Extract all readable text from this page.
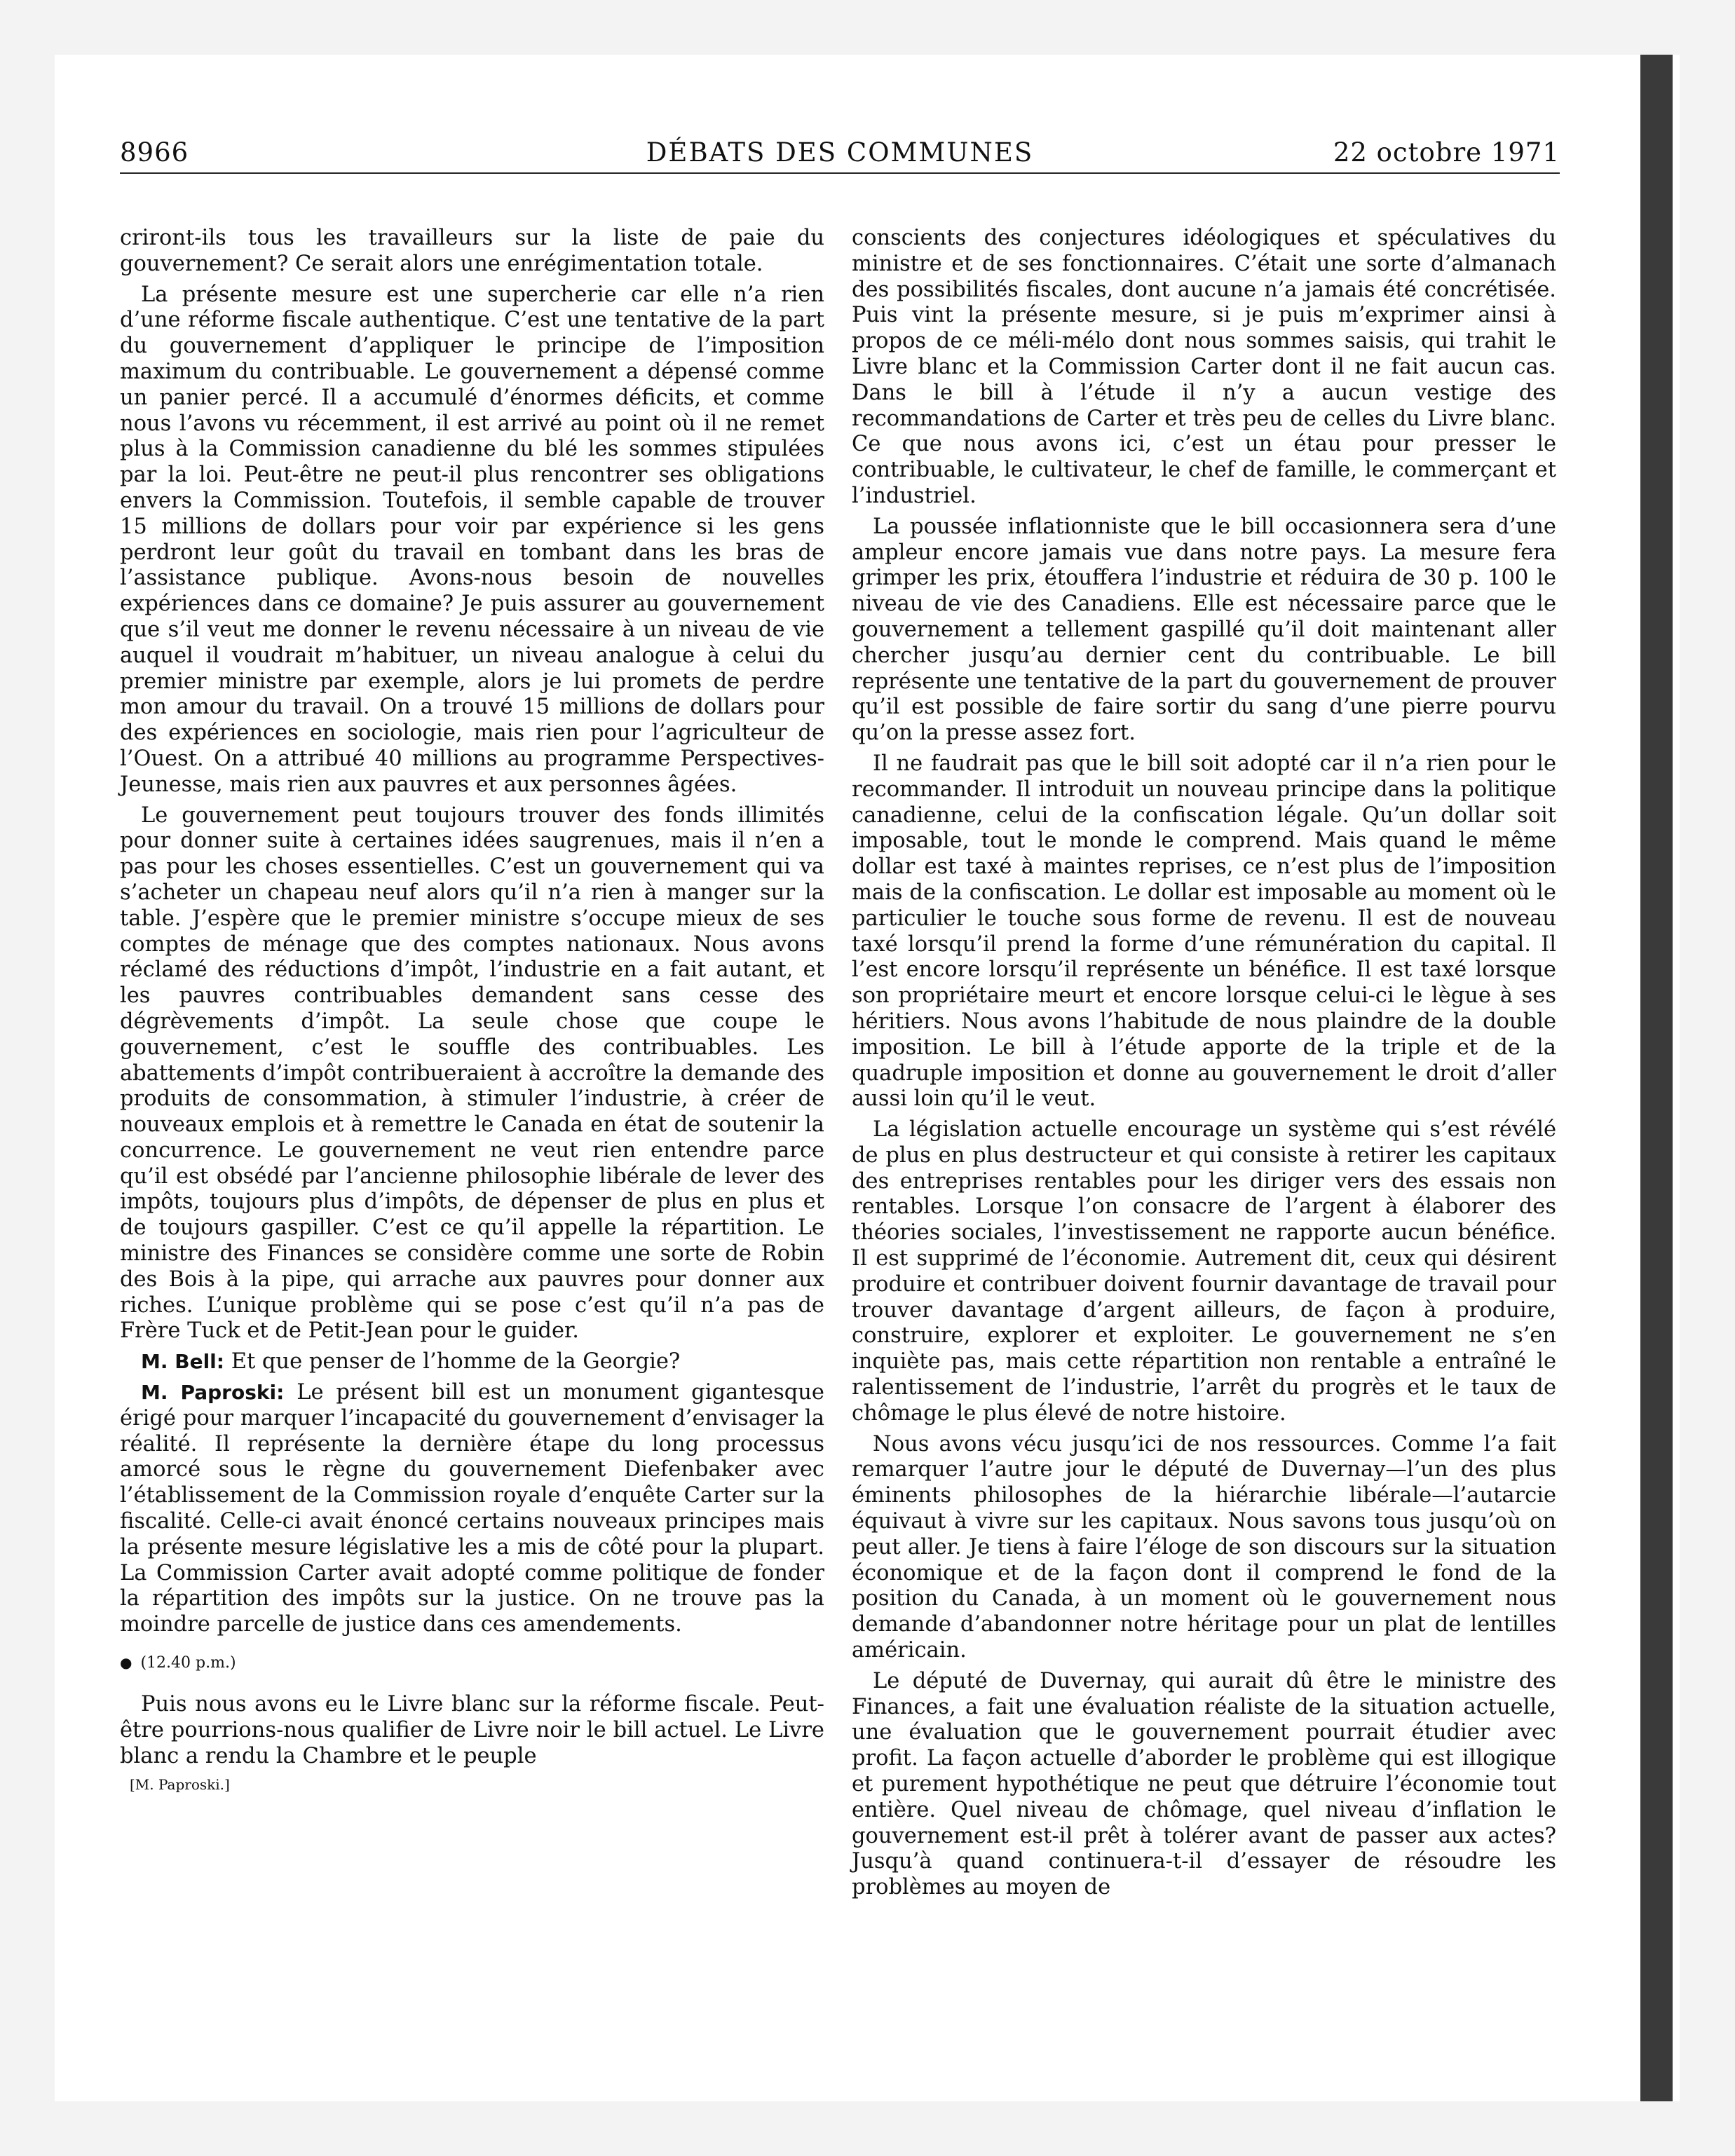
8966	DÉBATS DES COMMUNES	22 octobre 1971

criront-ils tous les travailleurs sur la liste de paie du gouvernement? Ce serait alors une enrégimentation totale.

La présente mesure est une supercherie car elle n’a rien d’une réforme fiscale authentique. C’est une tentative de la part du gouvernement d’appliquer le principe de l’imposition maximum du contribuable. Le gouvernement a dépensé comme un panier percé. Il a accumulé d’énormes déficits, et comme nous l’avons vu récemment, il est arrivé au point où il ne remet plus à la Commission canadienne du blé les sommes stipulées par la loi. Peut-être ne peut-il plus rencontrer ses obligations envers la Commission. Toutefois, il semble capable de trouver 15 millions de dollars pour voir par expérience si les gens perdront leur goût du travail en tombant dans les bras de l’assistance publique. Avons-nous besoin de nouvelles expériences dans ce domaine? Je puis assurer au gouvernement que s’il veut me donner le revenu nécessaire à un niveau de vie auquel il voudrait m’habituer, un niveau analogue à celui du premier ministre par exemple, alors je lui promets de perdre mon amour du travail. On a trouvé 15 millions de dollars pour des expériences en sociologie, mais rien pour l’agriculteur de l’Ouest. On a attribué 40 millions au programme Perspectives-Jeunesse, mais rien aux pauvres et aux personnes âgées.

Le gouvernement peut toujours trouver des fonds illimités pour donner suite à certaines idées saugrenues, mais il n’en a pas pour les choses essentielles. C’est un gouvernement qui va s’acheter un chapeau neuf alors qu’il n’a rien à manger sur la table. J’espère que le premier ministre s’occupe mieux de ses comptes de ménage que des comptes nationaux. Nous avons réclamé des réductions d’impôt, l’industrie en a fait autant, et les pauvres contribuables demandent sans cesse des dégrèvements d’impôt. La seule chose que coupe le gouvernement, c’est le souffle des contribuables. Les abattements d’impôt contribueraient à accroître la demande des produits de consommation, à stimuler l’industrie, à créer de nouveaux emplois et à remettre le Canada en état de soutenir la concurrence. Le gouvernement ne veut rien entendre parce qu’il est obsédé par l’ancienne philosophie libérale de lever des impôts, toujours plus d’impôts, de dépenser de plus en plus et de toujours gaspiller. C’est ce qu’il appelle la répartition. Le ministre des Finances se considère comme une sorte de Robin des Bois à la pipe, qui arrache aux pauvres pour donner aux riches. L’unique problème qui se pose c’est qu’il n’a pas de Frère Tuck et de Petit-Jean pour le guider.

M. Bell: Et que penser de l’homme de la Georgie?

M. Paproski: Le présent bill est un monument gigantesque érigé pour marquer l’incapacité du gouvernement d’envisager la réalité. Il représente la dernière étape du long processus amorcé sous le règne du gouvernement Diefenbaker avec l’établissement de la Commission royale d’enquête Carter sur la fiscalité. Celle-ci avait énoncé certains nouveaux principes mais la présente mesure législative les a mis de côté pour la plupart. La Commission Carter avait adopté comme politique de fonder la répartition des impôts sur la justice. On ne trouve pas la moindre parcelle de justice dans ces amendements.

● (12.40 p.m.)

Puis nous avons eu le Livre blanc sur la réforme fiscale. Peut-être pourrions-nous qualifier de Livre noir le bill actuel. Le Livre blanc a rendu la Chambre et le peuple

[M. Paproski.]

conscients des conjectures idéologiques et spéculatives du ministre et de ses fonctionnaires. C’était une sorte d’almanach des possibilités fiscales, dont aucune n’a jamais été concrétisée. Puis vint la présente mesure, si je puis m’exprimer ainsi à propos de ce méli-mélo dont nous sommes saisis, qui trahit le Livre blanc et la Commission Carter dont il ne fait aucun cas. Dans le bill à l’étude il n’y a aucun vestige des recommandations de Carter et très peu de celles du Livre blanc. Ce que nous avons ici, c’est un étau pour presser le contribuable, le cultivateur, le chef de famille, le commerçant et l’industriel.

La poussée inflationniste que le bill occasionnera sera d’une ampleur encore jamais vue dans notre pays. La mesure fera grimper les prix, étouffera l’industrie et réduira de 30 p. 100 le niveau de vie des Canadiens. Elle est nécessaire parce que le gouvernement a tellement gaspillé qu’il doit maintenant aller chercher jusqu’au dernier cent du contribuable. Le bill représente une tentative de la part du gouvernement de prouver qu’il est possible de faire sortir du sang d’une pierre pourvu qu’on la presse assez fort.

Il ne faudrait pas que le bill soit adopté car il n’a rien pour le recommander. Il introduit un nouveau principe dans la politique canadienne, celui de la confiscation légale. Qu’un dollar soit imposable, tout le monde le comprend. Mais quand le même dollar est taxé à maintes reprises, ce n’est plus de l’imposition mais de la confiscation. Le dollar est imposable au moment où le particulier le touche sous forme de revenu. Il est de nouveau taxé lorsqu’il prend la forme d’une rémunération du capital. Il l’est encore lorsqu’il représente un bénéfice. Il est taxé lorsque son propriétaire meurt et encore lorsque celui-ci le lègue à ses héritiers. Nous avons l’habitude de nous plaindre de la double imposition. Le bill à l’étude apporte de la triple et de la quadruple imposition et donne au gouvernement le droit d’aller aussi loin qu’il le veut.

La législation actuelle encourage un système qui s’est révélé de plus en plus destructeur et qui consiste à retirer les capitaux des entreprises rentables pour les diriger vers des essais non rentables. Lorsque l’on consacre de l’argent à élaborer des théories sociales, l’investissement ne rapporte aucun bénéfice. Il est supprimé de l’économie. Autrement dit, ceux qui désirent produire et contribuer doivent fournir davantage de travail pour trouver davantage d’argent ailleurs, de façon à produire, construire, explorer et exploiter. Le gouvernement ne s’en inquiète pas, mais cette répartition non rentable a entraîné le ralentissement de l’industrie, l’arrêt du progrès et le taux de chômage le plus élevé de notre histoire.

Nous avons vécu jusqu’ici de nos ressources. Comme l’a fait remarquer l’autre jour le député de Duvernay—l’un des plus éminents philosophes de la hiérarchie libérale—l’autarcie équivaut à vivre sur les capitaux. Nous savons tous jusqu’où on peut aller. Je tiens à faire l’éloge de son discours sur la situation économique et de la façon dont il comprend le fond de la position du Canada, à un moment où le gouvernement nous demande d’abandonner notre héritage pour un plat de lentilles américain.

Le député de Duvernay, qui aurait dû être le ministre des Finances, a fait une évaluation réaliste de la situation actuelle, une évaluation que le gouvernement pourrait étudier avec profit. La façon actuelle d’aborder le problème qui est illogique et purement hypothétique ne peut que détruire l’économie tout entière. Quel niveau de chômage, quel niveau d’inflation le gouvernement est-il prêt à tolérer avant de passer aux actes? Jusqu’à quand continuera-t-il d’essayer de résoudre les problèmes au moyen de
